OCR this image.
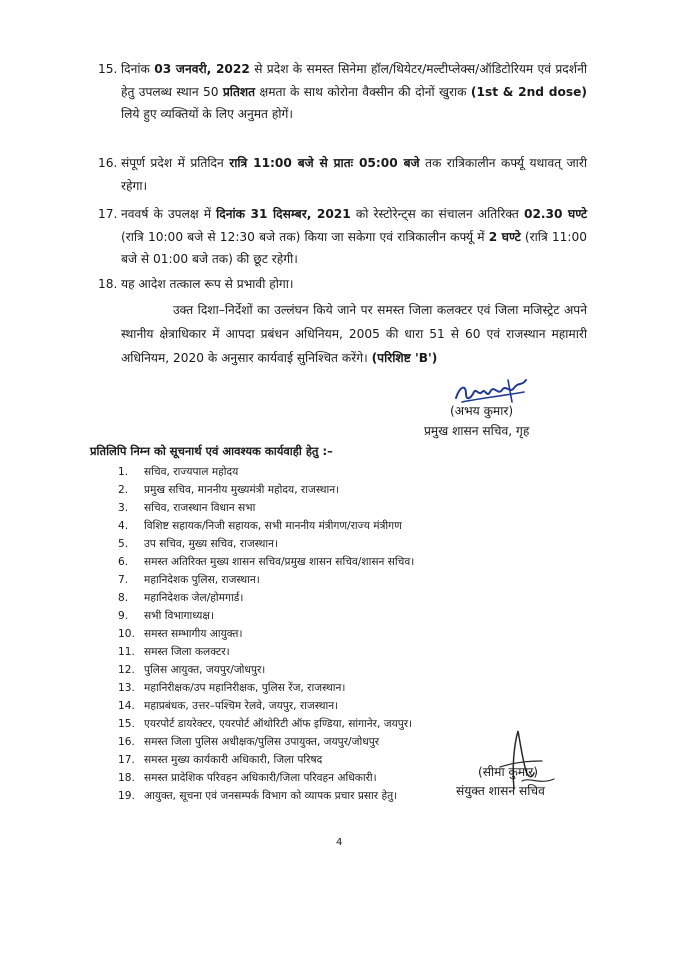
15. दिनांक 03 जनवरी, 2022 से प्रदेश के समस्त सिनेमा हॉल/थियेटर/मल्टीप्लेक्स/ऑडिटोरियम एवं प्रदर्शनी हेतु उपलब्ध स्थान 50 प्रतिशत क्षमता के साथ कोरोना वैक्सीन की दोनों खुराक (1st & 2nd dose) लिये हुए व्यक्तियों के लिए अनुमत होगें।
16. संपूर्ण प्रदेश में प्रतिदिन रात्रि 11:00 बजे से प्रातः 05:00 बजे तक रात्रिकालीन कर्फ्यू यथावत् जारी रहेगा।
17. नववर्ष के उपलक्ष में दिनांक 31 दिसम्बर, 2021 को रेस्टोरेन्ट्स का संचालन अतिरिक्त 02.30 घण्टे (रात्रि 10:00 बजे से 12:30 बजे तक) किया जा सकेगा एवं रात्रिकालीन कर्फ्यू में 2 घण्टे (रात्रि 11:00 बजे से 01:00 बजे तक) की छूट रहेगी।
18. यह आदेश तत्काल रूप से प्रभावी होगा।
उक्त दिशा–निर्देशों का उल्लंघन किये जाने पर समस्त जिला कलक्टर एवं जिला मजिस्ट्रेट अपने स्थानीय क्षेत्राधिकार में आपदा प्रबंधन अधिनियम, 2005 की धारा 51 से 60 एवं राजस्थान महामारी अधिनियम, 2020 के अनुसार कार्यवाई सुनिश्चित करेंगे। (परिशिष्ट 'B')
(अभय कुमार)
प्रमुख शासन सचिव, गृह
प्रतिलिपि निम्न को सूचनार्थ एवं आवश्यक कार्यवाही हेतु :–
1. सचिव, राज्यपाल महोदय
2. प्रमुख सचिव, माननीय मुख्यमंत्री महोदय, राजस्थान।
3. सचिव, राजस्थान विधान सभा
4. विशिष्ट सहायक/निजी सहायक, सभी माननीय मंत्रीगण/राज्य मंत्रीगण
5. उप सचिव, मुख्य सचिव, राजस्थान।
6. समस्त अतिरिक्त मुख्य शासन सचिव/प्रमुख शासन सचिव/शासन सचिव।
7. महानिदेशक पुलिस, राजस्थान।
8. महानिदेशक जेल/होमगार्ड।
9. सभी विभागाध्यक्ष।
10. समस्त सम्भागीय आयुक्त।
11. समस्त जिला कलक्टर।
12. पुलिस आयुक्त, जयपुर/जोधपुर।
13. महानिरीक्षक/उप महानिरीक्षक, पुलिस रेंज, राजस्थान।
14. महाप्रबंधक, उत्तर–पश्चिम रेलवे, जयपुर, राजस्थान।
15. एयरपोर्ट डायरेक्टर, एयरपोर्ट ऑथोरिटी ऑफ इण्डिया, सांगानेर, जयपुर।
16. समस्त जिला पुलिस अधीक्षक/पुलिस उपायुक्त, जयपुर/जोधपुर
17. समस्त मुख्य कार्यकारी अधिकारी, जिला परिषद
18. समस्त प्रादेशिक परिवहन अधिकारी/जिला परिवहन अधिकारी।
19. आयुक्त, सूचना एवं जनसम्पर्क विभाग को व्यापक प्रचार प्रसार हेतु।
(सीमा कुमार)
संयुक्त शासन सचिव
4
